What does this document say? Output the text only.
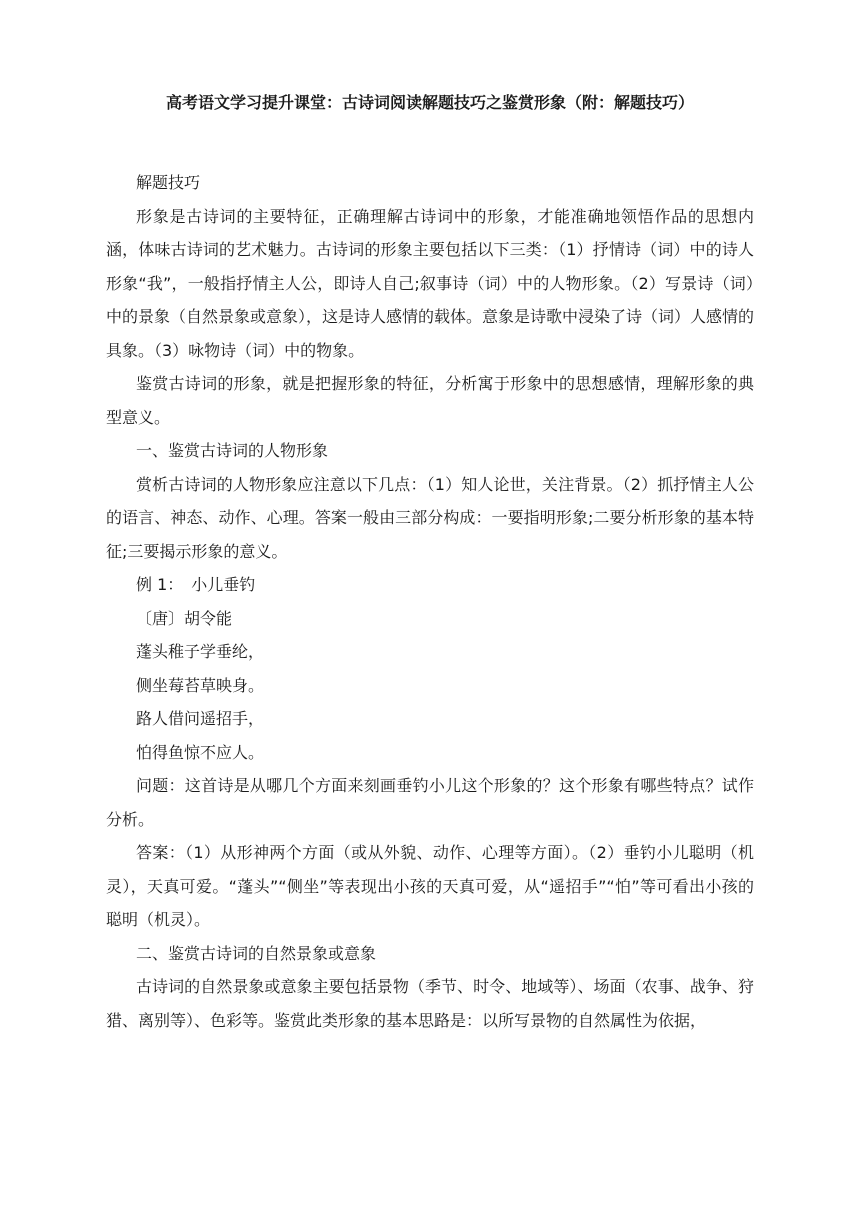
高考语文学习提升课堂：古诗词阅读解题技巧之鉴赏形象（附：解题技巧）

解题技巧

形象是古诗词的主要特征，正确理解古诗词中的形象，才能准确地领悟作品的思想内涵，体味古诗词的艺术魅力。古诗词的形象主要包括以下三类：（1）抒情诗（词）中的诗人形象“我”，一般指抒情主人公，即诗人自己;叙事诗（词）中的人物形象。（2）写景诗（词）中的景象（自然景象或意象），这是诗人感情的载体。意象是诗歌中浸染了诗（词）人感情的具象。（3）咏物诗（词）中的物象。

鉴赏古诗词的形象，就是把握形象的特征，分析寓于形象中的思想感情，理解形象的典型意义。

一、鉴赏古诗词的人物形象

赏析古诗词的人物形象应注意以下几点：（1）知人论世，关注背景。（2）抓抒情主人公的语言、神态、动作、心理。答案一般由三部分构成：一要指明形象;二要分析形象的基本特征;三要揭示形象的意义。

例 1：　小儿垂钓

〔唐〕胡令能

蓬头稚子学垂纶，

侧坐莓苔草映身。

路人借问遥招手，

怕得鱼惊不应人。

问题：这首诗是从哪几个方面来刻画垂钓小儿这个形象的？这个形象有哪些特点？试作分析。

答案：（1）从形神两个方面（或从外貌、动作、心理等方面）。（2）垂钓小儿聪明（机灵），天真可爱。“蓬头”“侧坐”等表现出小孩的天真可爱，从“遥招手”“怕”等可看出小孩的聪明（机灵）。

二、鉴赏古诗词的自然景象或意象

古诗词的自然景象或意象主要包括景物（季节、时令、地域等）、场面（农事、战争、狩猎、离别等）、色彩等。鉴赏此类形象的基本思路是：以所写景物的自然属性为依据，
